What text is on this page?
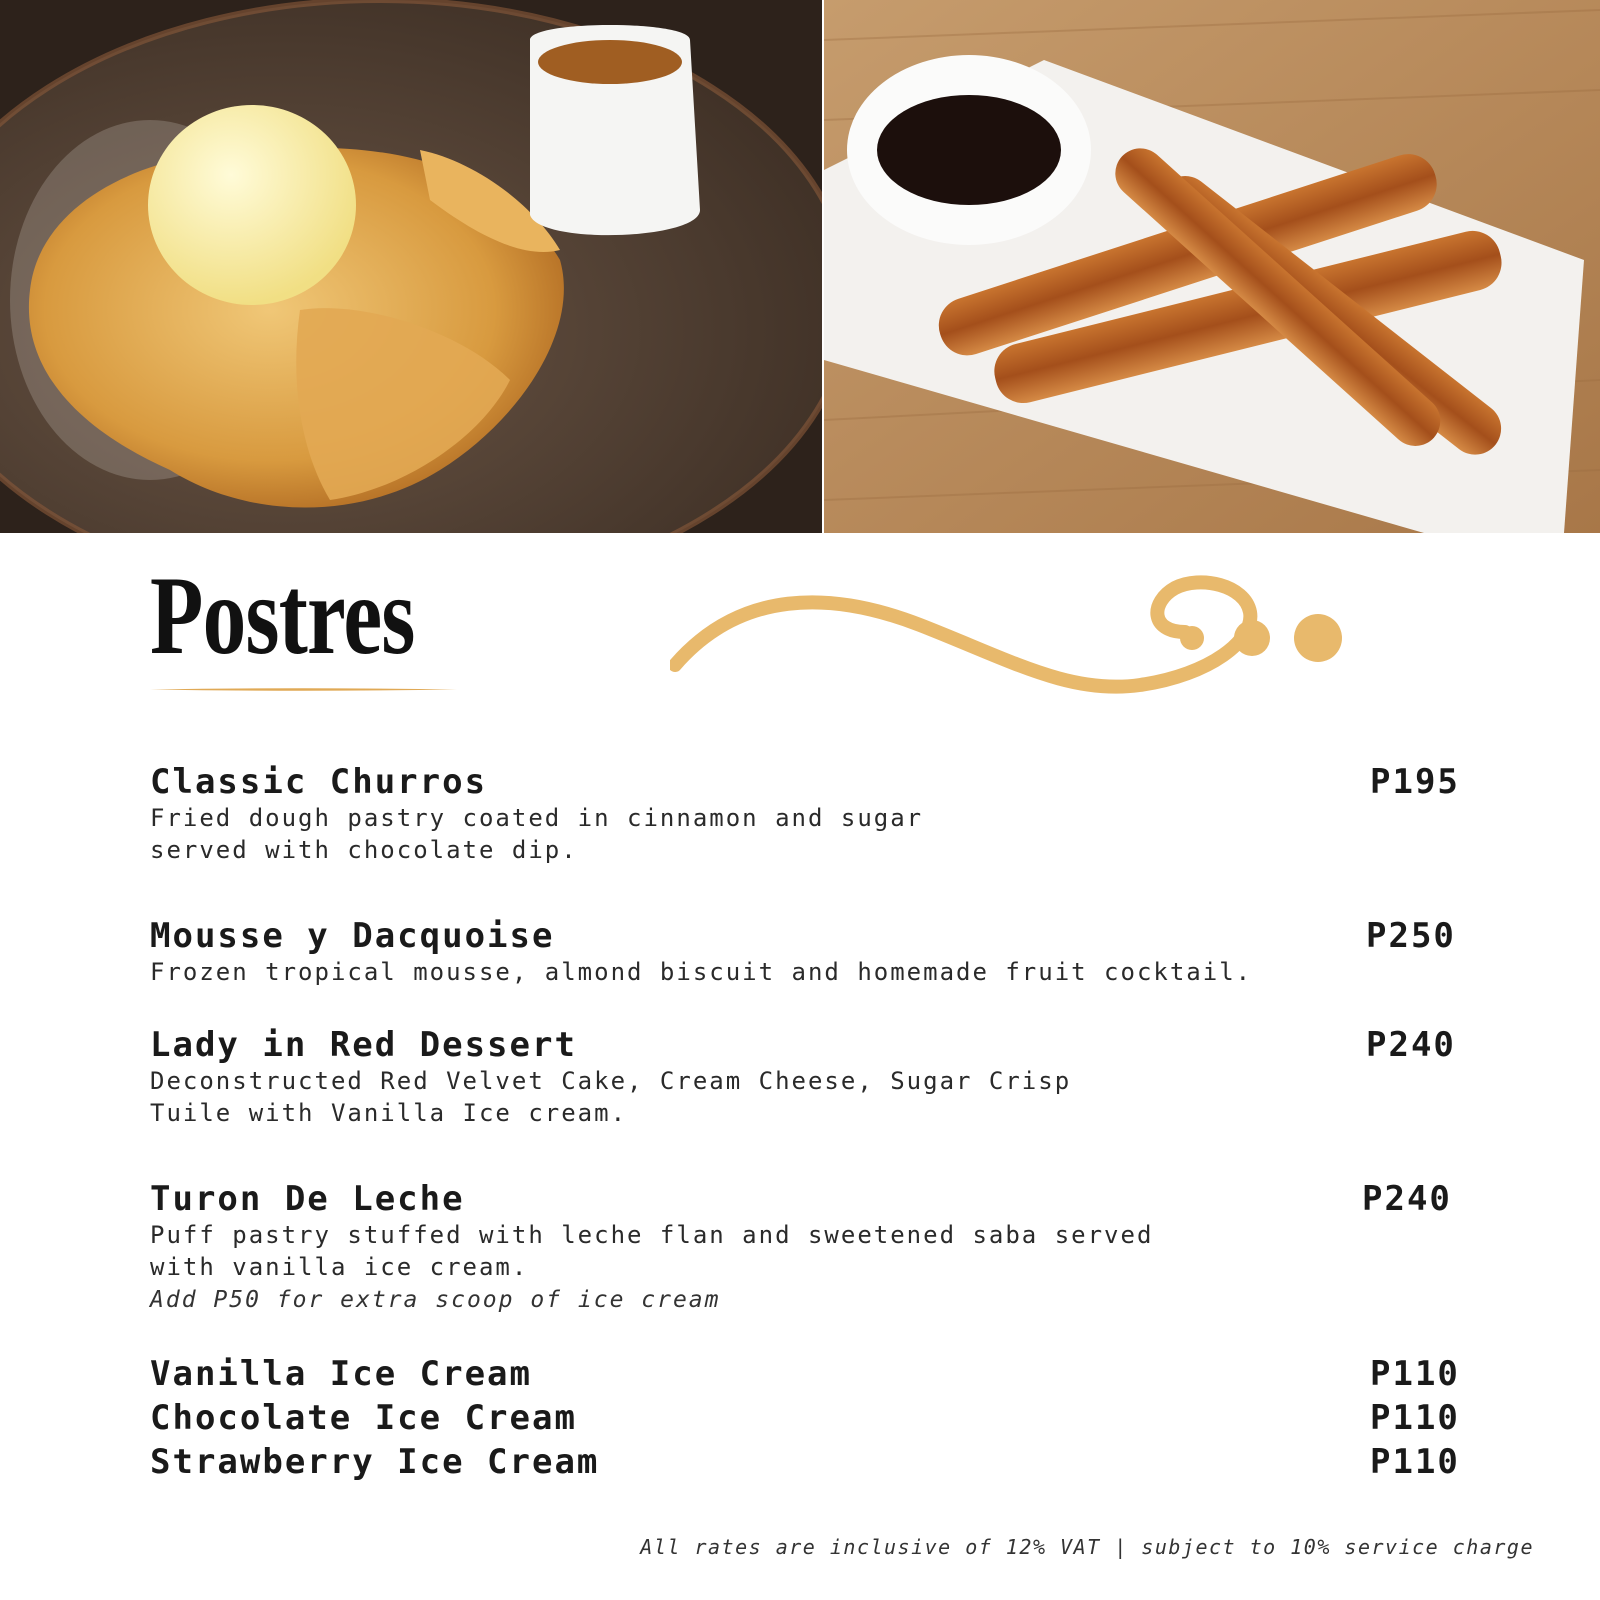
Postres
Classic Churros	P195
Fried dough pastry coated in cinnamon and sugar
served with chocolate dip.
Mousse y Dacquoise	P250
Frozen tropical mousse, almond biscuit and homemade fruit cocktail.
Lady in Red Dessert	P240
Deconstructed Red Velvet Cake, Cream Cheese, Sugar Crisp
Tuile with Vanilla Ice cream.
Turon De Leche	P240
Puff pastry stuffed with leche flan and sweetened saba served
with vanilla ice cream.
Add P50 for extra scoop of ice cream
Vanilla Ice Cream	P110
Chocolate Ice Cream	P110
Strawberry Ice Cream	P110
All rates are inclusive of 12% VAT | subject to 10% service charge
